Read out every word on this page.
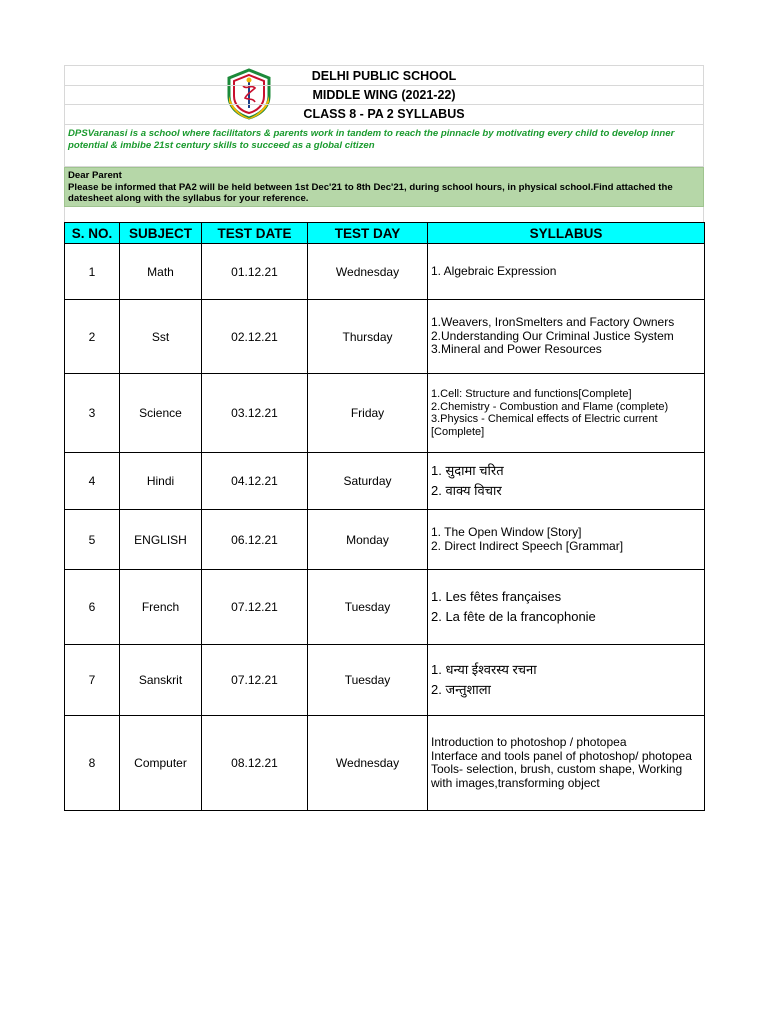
DELHI PUBLIC SCHOOL
MIDDLE WING (2021-22)
CLASS 8 - PA 2 SYLLABUS
DPSVaranasi is a school where facilitators & parents work in tandem to reach the pinnacle by motivating every child to develop inner potential & imbibe 21st century skills to succeed as a global citizen
Dear Parent
Please be informed that PA2 will be held between 1st Dec'21 to 8th Dec'21, during school hours, in physical school.Find attached the datesheet along with the syllabus for your reference.
S. NO.	SUBJECT	TEST DATE	TEST DAY	SYLLABUS
1	Math	01.12.21	Wednesday	1. Algebraic Expression

2	Sst	02.12.21	Thursday	1.Weavers, IronSmelters and Factory Owners
2.Understanding Our Criminal Justice System
3.Mineral and Power Resources

3	Science	03.12.21	Friday	1.Cell: Structure and functions[Complete]
2.Chemistry - Combustion and Flame (complete)
3.Physics - Chemical effects of Electric current [Complete]

4	Hindi	04.12.21	Saturday	1. सुदामा चरित
2. वाक्य विचार

5	ENGLISH	06.12.21	Monday	1. The Open Window [Story]
2. Direct Indirect Speech [Grammar]

6	French	07.12.21	Tuesday	1. Les fêtes françaises
2. La fête de la francophonie

7	Sanskrit	07.12.21	Tuesday	1. धन्या ईश्वरस्य रचना
2. जन्तुशाला

8	Computer	08.12.21	Wednesday	Introduction to photoshop / photopea
Interface and tools panel of photoshop/ photopea
Tools- selection, brush, custom shape, Working with images,transforming object
